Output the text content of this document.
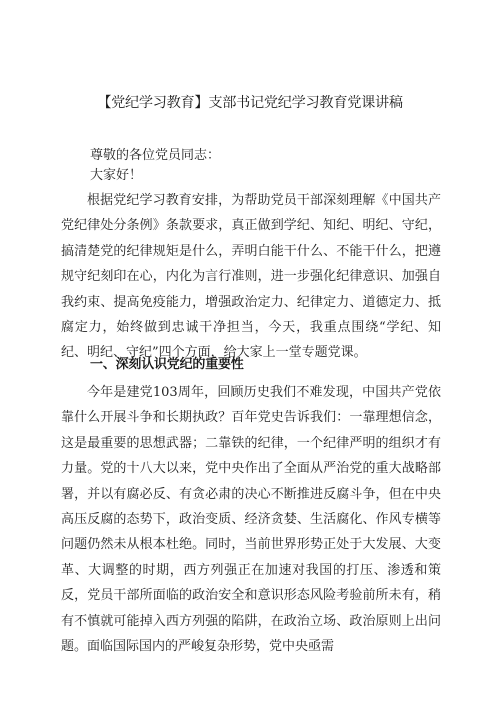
【党纪学习教育】支部书记党纪学习教育党课讲稿
尊敬的各位党员同志：
大家好！

根据党纪学习教育安排，为帮助党员干部深刻理解《中国共产党纪律处分条例》条款要求，真正做到学纪、知纪、明纪、守纪，搞清楚党的纪律规矩是什么，弄明白能干什么、不能干什么，把遵规守纪刻印在心，内化为言行准则，进一步强化纪律意识、加强自我约束、提高免疫能力，增强政治定力、纪律定力、道德定力、抵腐定力，始终做到忠诚干净担当，今天，我重点围绕“学纪、知纪、明纪、守纪”四个方面，给大家上一堂专题党课。

一、深刻认识党纪的重要性

今年是建党103周年，回顾历史我们不难发现，中国共产党依靠什么开展斗争和长期执政？百年党史告诉我们：一靠理想信念，这是最重要的思想武器；二靠铁的纪律，一个纪律严明的组织才有力量。党的十八大以来，党中央作出了全面从严治党的重大战略部署，并以有腐必反、有贪必肃的决心不断推进反腐斗争，但在中央高压反腐的态势下，政治变质、经济贪婪、生活腐化、作风专横等问题仍然未从根本杜绝。同时，当前世界形势正处于大发展、大变革、大调整的时期，西方列强正在加速对我国的打压、渗透和策反，党员干部所面临的政治安全和意识形态风险考验前所未有，稍有不慎就可能掉入西方列强的陷阱，在政治立场、政治原则上出问题。面临国际国内的严峻复杂形势，党中央亟需
